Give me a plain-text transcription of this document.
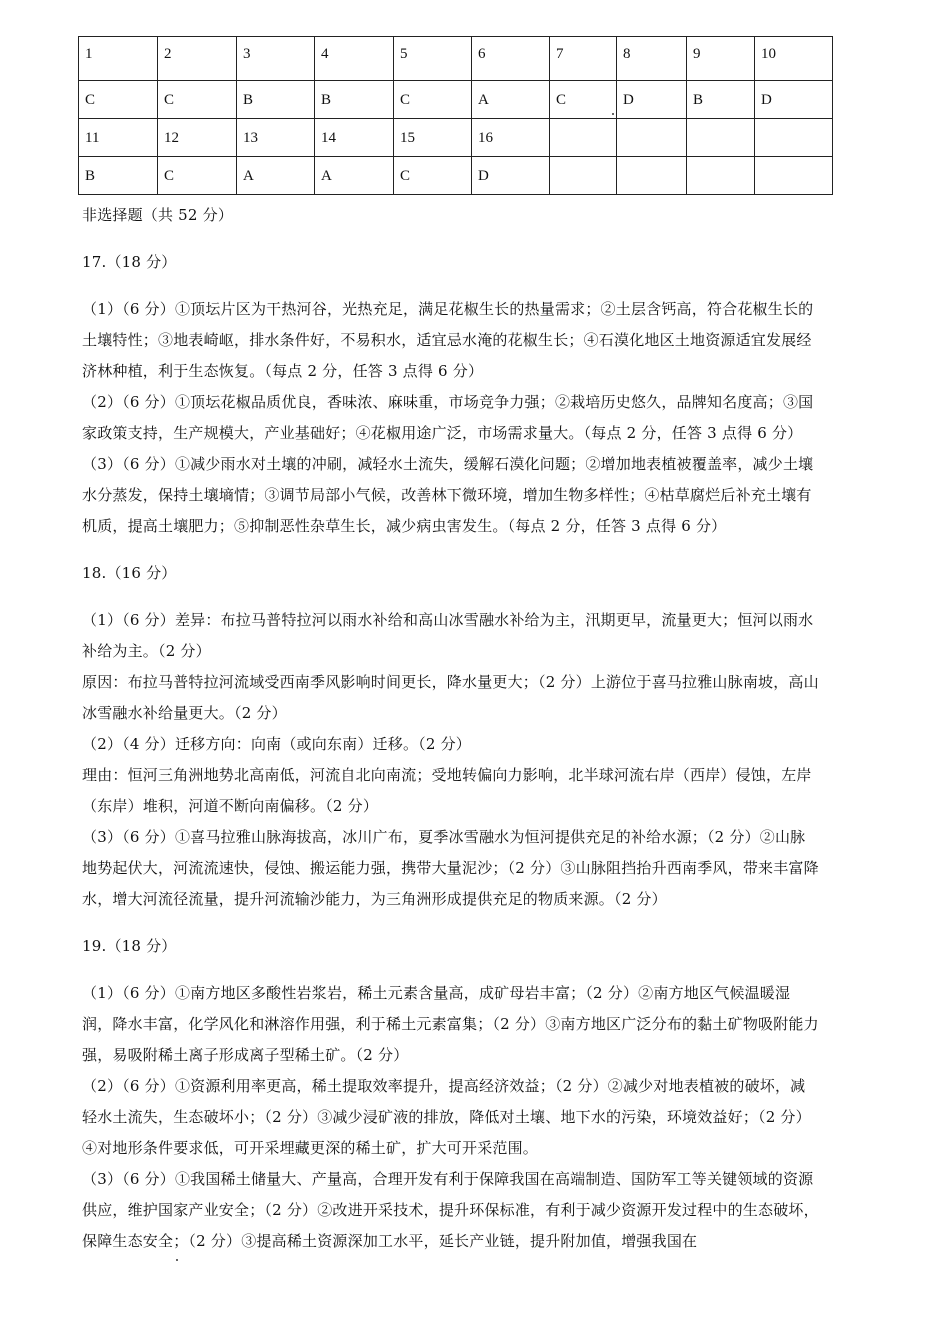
1	2	3	4	5	6	7	8	9	10
C	C	B	B	C	A	C	D	B	D
11	12	13	14	15	16				
B	C	A	A	C	D				

非选择题（共 52 分）

17.（18 分）

（1）（6 分）①顶坛片区为干热河谷，光热充足，满足花椒生长的热量需求；②土层含钙高，符合花椒生长的土壤特性；③地表崎岖，排水条件好，不易积水，适宜忌水淹的花椒生长；④石漠化地区土地资源适宜发展经济林种植，利于生态恢复。（每点 2 分，任答 3 点得 6 分）

（2）（6 分）①顶坛花椒品质优良，香味浓、麻味重，市场竞争力强；②栽培历史悠久，品牌知名度高；③国家政策支持，生产规模大，产业基础好；④花椒用途广泛，市场需求量大。（每点 2 分，任答 3 点得 6 分）

（3）（6 分）①减少雨水对土壤的冲刷，减轻水土流失，缓解石漠化问题；②增加地表植被覆盖率，减少土壤水分蒸发，保持土壤墒情；③调节局部小气候，改善林下微环境，增加生物多样性；④枯草腐烂后补充土壤有机质，提高土壤肥力；⑤抑制恶性杂草生长，减少病虫害发生。（每点 2 分，任答 3 点得 6 分）

18.（16 分）

（1）（6 分）差异：布拉马普特拉河以雨水补给和高山冰雪融水补给为主，汛期更早，流量更大；恒河以雨水补给为主。（2 分）

原因：布拉马普特拉河流域受西南季风影响时间更长，降水量更大；（2 分）上游位于喜马拉雅山脉南坡，高山冰雪融水补给量更大。（2 分）

（2）（4 分）迁移方向：向南（或向东南）迁移。（2 分）

理由：恒河三角洲地势北高南低，河流自北向南流；受地转偏向力影响，北半球河流右岸（西岸）侵蚀，左岸（东岸）堆积，河道不断向南偏移。（2 分）

（3）（6 分）①喜马拉雅山脉海拔高，冰川广布，夏季冰雪融水为恒河提供充足的补给水源；（2 分）②山脉地势起伏大，河流流速快，侵蚀、搬运能力强，携带大量泥沙；（2 分）③山脉阻挡抬升西南季风，带来丰富降水，增大河流径流量，提升河流输沙能力，为三角洲形成提供充足的物质来源。（2 分）

19.（18 分）

（1）（6 分）①南方地区多酸性岩浆岩，稀土元素含量高，成矿母岩丰富；（2 分）②南方地区气候温暖湿润，降水丰富，化学风化和淋溶作用强，利于稀土元素富集；（2 分）③南方地区广泛分布的黏土矿物吸附能力强，易吸附稀土离子形成离子型稀土矿。（2 分）

（2）（6 分）①资源利用率更高，稀土提取效率提升，提高经济效益；（2 分）②减少对地表植被的破坏，减轻水土流失，生态破坏小；（2 分）③减少浸矿液的排放，降低对土壤、地下水的污染，环境效益好；（2 分）④对地形条件要求低，可开采埋藏更深的稀土矿，扩大可开采范围。

（3）（6 分）①我国稀土储量大、产量高，合理开发有利于保障我国在高端制造、国防军工等关键领域的资源供应，维护国家产业安全；（2 分）②改进开采技术，提升环保标准，有利于减少资源开发过程中的生态破坏，保障生态安全；（2 分）③提高稀土资源深加工水平，延长产业链，提升附加值，增强我国在
